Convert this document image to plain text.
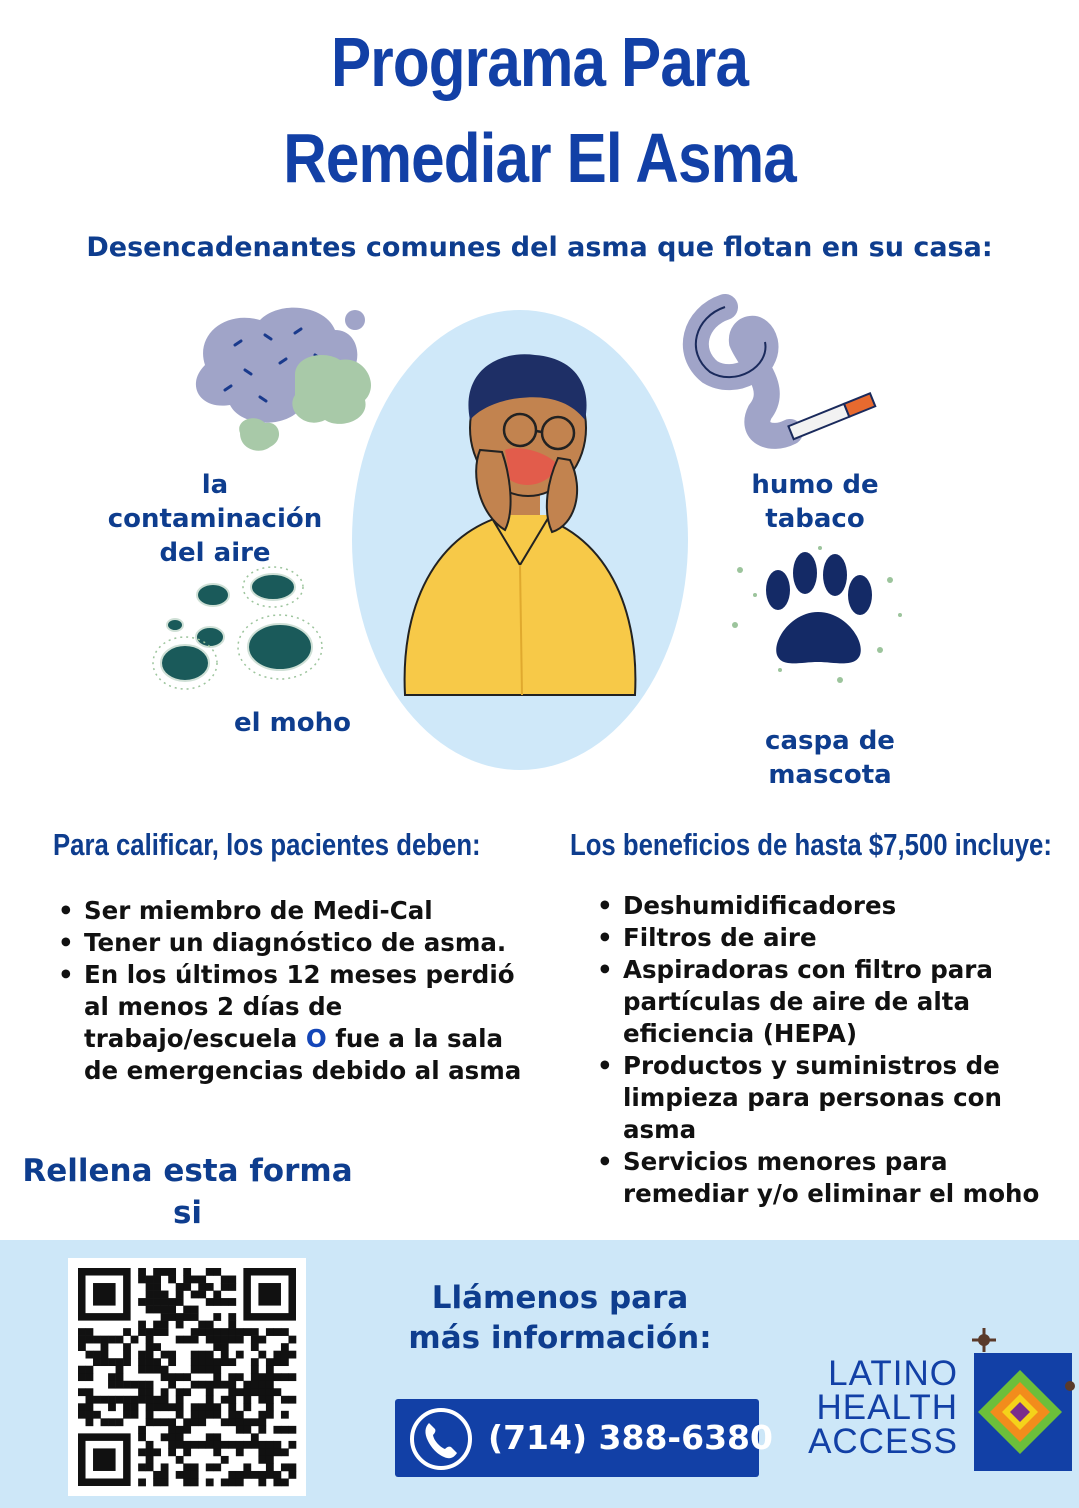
Programa Para
Remediar El Asma
Desencadenantes comunes del asma que flotan en su casa:
la contaminación
del aire
humo de tabaco
el moho
caspa de mascota
Para calificar, los pacientes deben:
• Ser miembro de Medi-Cal
• Tener un diagnóstico de asma.
• En los últimos 12 meses perdió al menos 2 días de trabajo/escuela O fue a la sala de emergencias debido al asma
Los beneficios de hasta $7,500 incluye:
• Deshumidificadores
• Filtros de aire
• Aspiradoras con filtro para partículas de aire de alta eficiencia (HEPA)
• Productos y suministros de limpieza para personas con asma
• Servicios menores para remediar y/o eliminar el moho
Rellena esta forma si
Llámenos para
más información:
(714) 388-6380
LATINO
HEALTH
ACCESS
